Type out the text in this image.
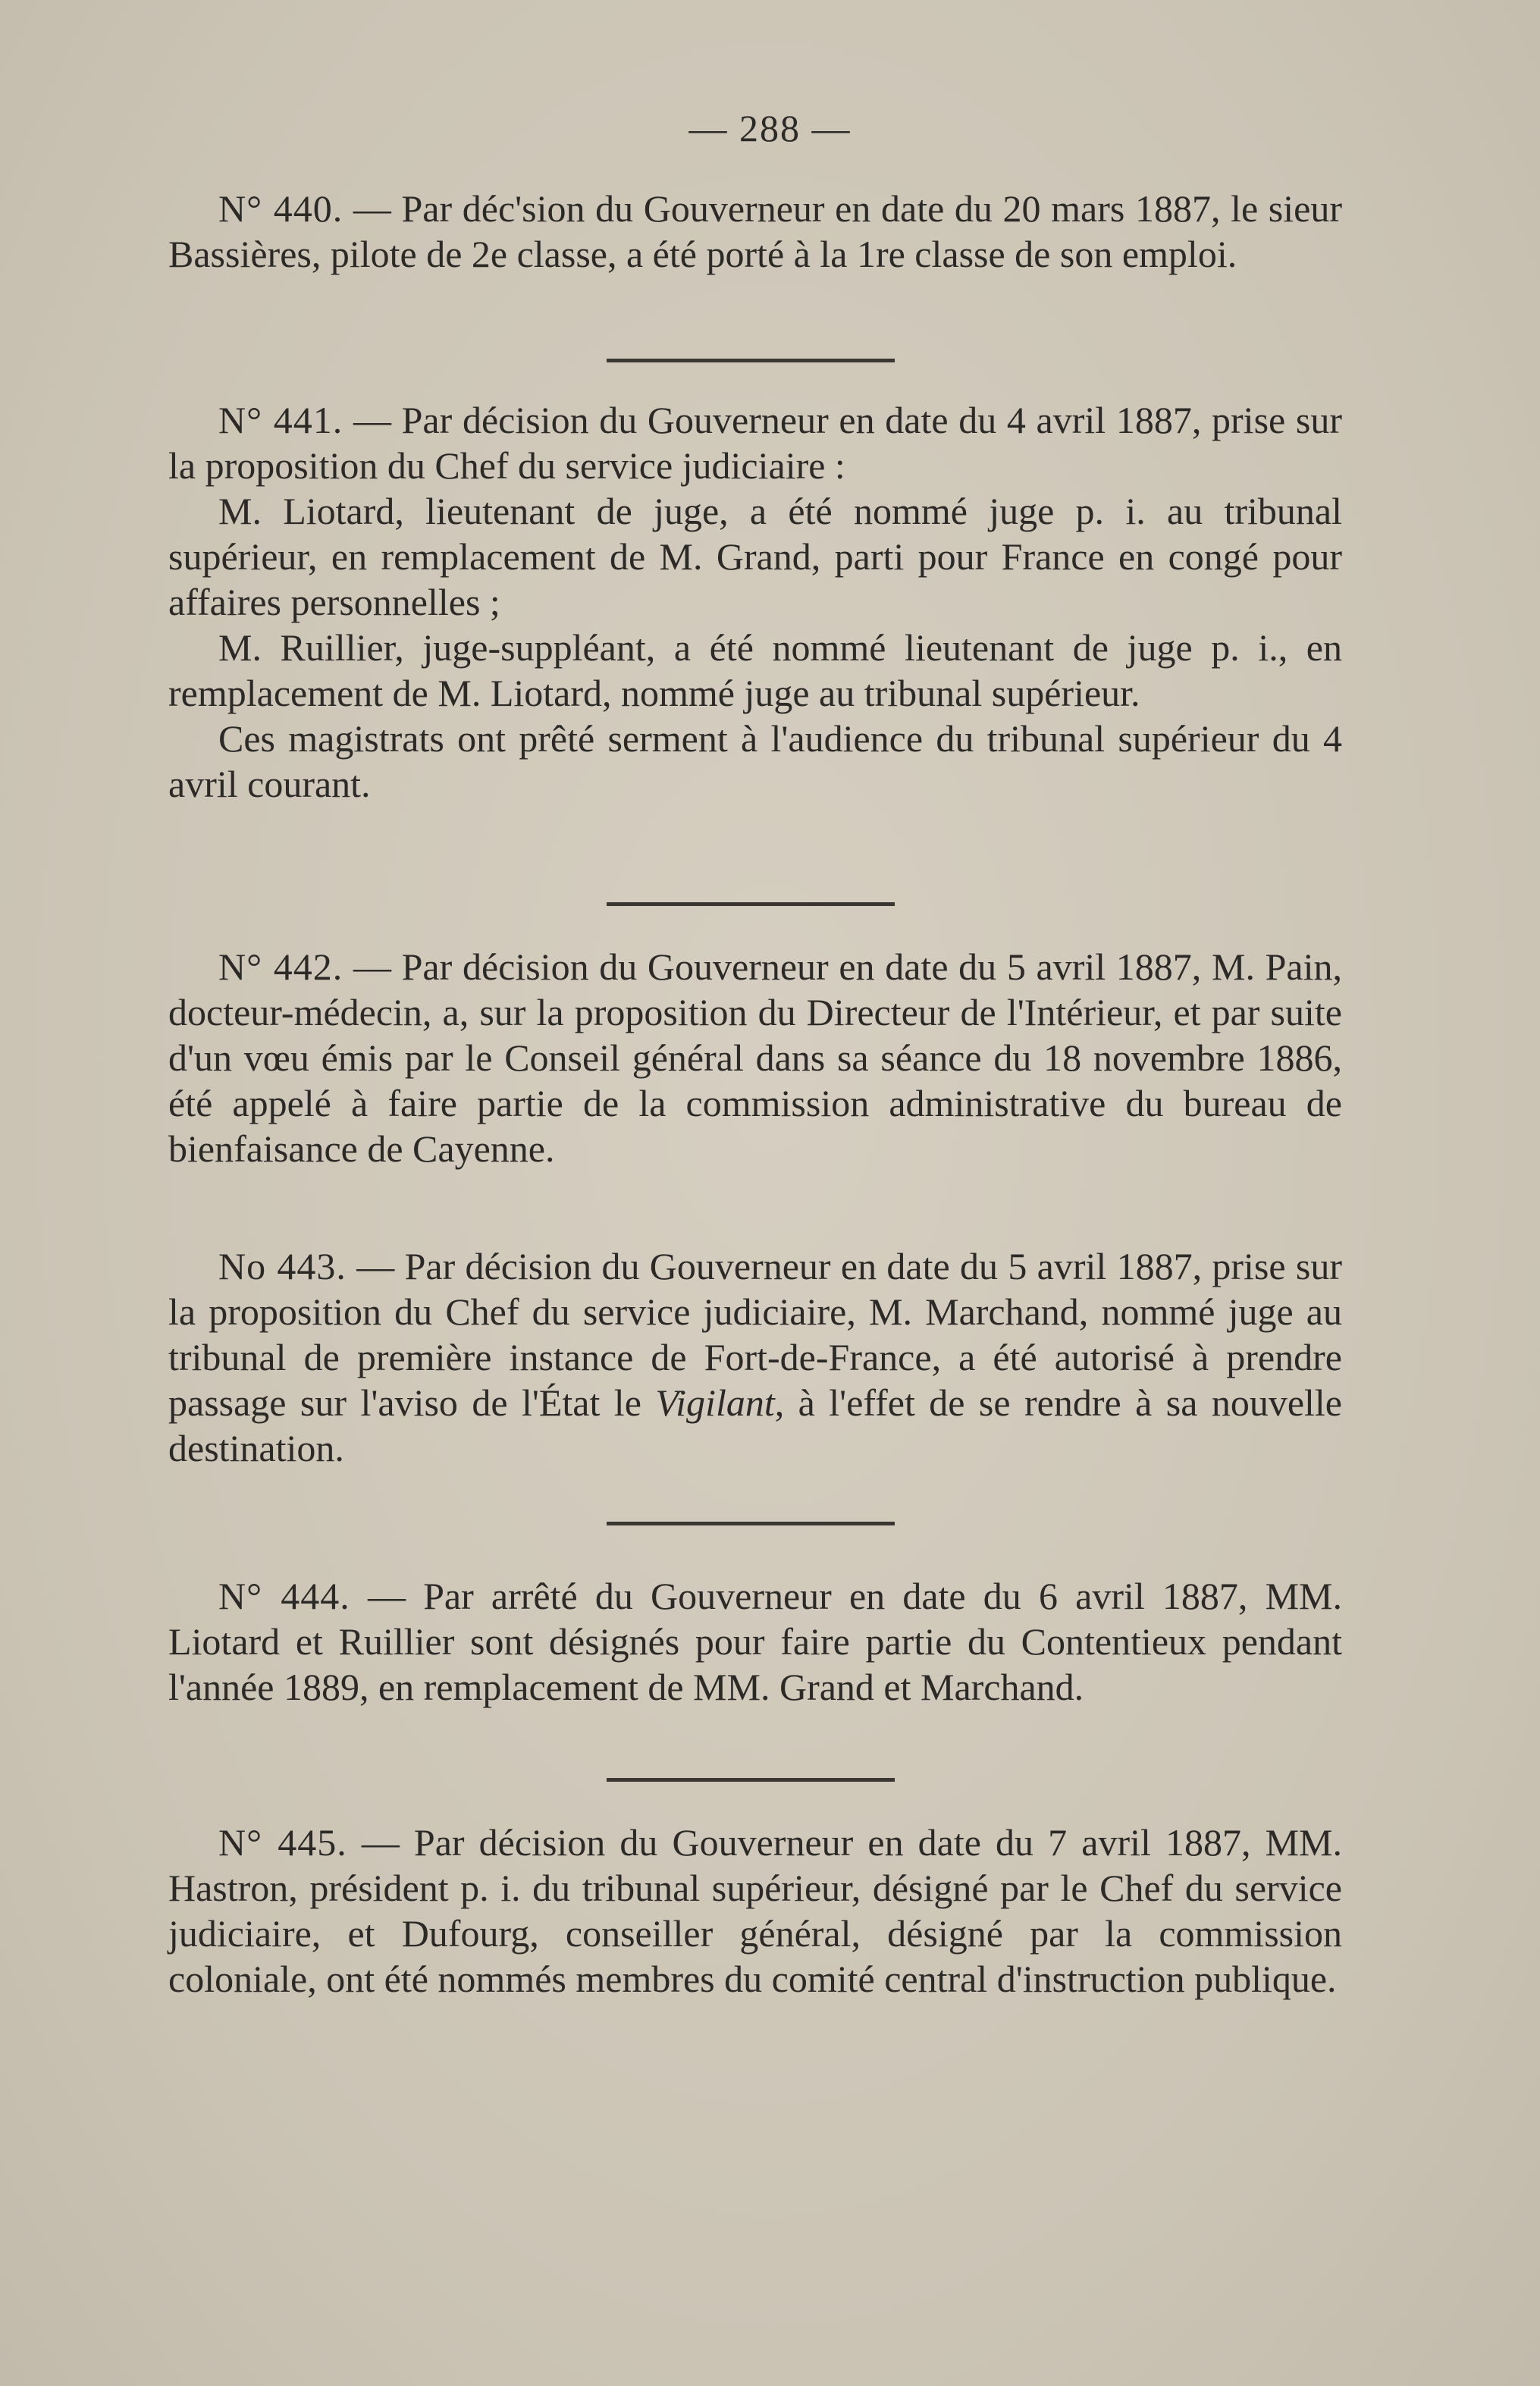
— 288 —

N° 440. — Par déc'sion du Gouverneur en date du 20 mars 1887, le sieur Bassières, pilote de 2e classe, a été porté à la 1re classe de son emploi.

N° 441. — Par décision du Gouverneur en date du 4 avril 1887, prise sur la proposition du Chef du service judiciaire :

M. Liotard, lieutenant de juge, a été nommé juge p. i. au tribunal supérieur, en remplacement de M. Grand, parti pour France en congé pour affaires personnelles ;

M. Ruillier, juge-suppléant, a été nommé lieutenant de juge p. i., en remplacement de M. Liotard, nommé juge au tribunal supérieur.

Ces magistrats ont prêté serment à l'audience du tribunal supérieur du 4 avril courant.

N° 442. — Par décision du Gouverneur en date du 5 avril 1887, M. Pain, docteur-médecin, a, sur la proposition du Directeur de l'Intérieur, et par suite d'un vœu émis par le Conseil général dans sa séance du 18 novembre 1886, été appelé à faire partie de la commission administrative du bureau de bienfaisance de Cayenne.

No 443. — Par décision du Gouverneur en date du 5 avril 1887, prise sur la proposition du Chef du service judiciaire, M. Marchand, nommé juge au tribunal de première instance de Fort-de-France, a été autorisé à prendre passage sur l'aviso de l'État le Vigilant, à l'effet de se rendre à sa nouvelle destination.

N° 444. — Par arrêté du Gouverneur en date du 6 avril 1887, MM. Liotard et Ruillier sont désignés pour faire partie du Contentieux pendant l'année 1889, en remplacement de MM. Grand et Marchand.

N° 445. — Par décision du Gouverneur en date du 7 avril 1887, MM. Hastron, président p. i. du tribunal supérieur, désigné par le Chef du service judiciaire, et Dufourg, conseiller général, désigné par la commission coloniale, ont été nommés membres du comité central d'instruction publique.
